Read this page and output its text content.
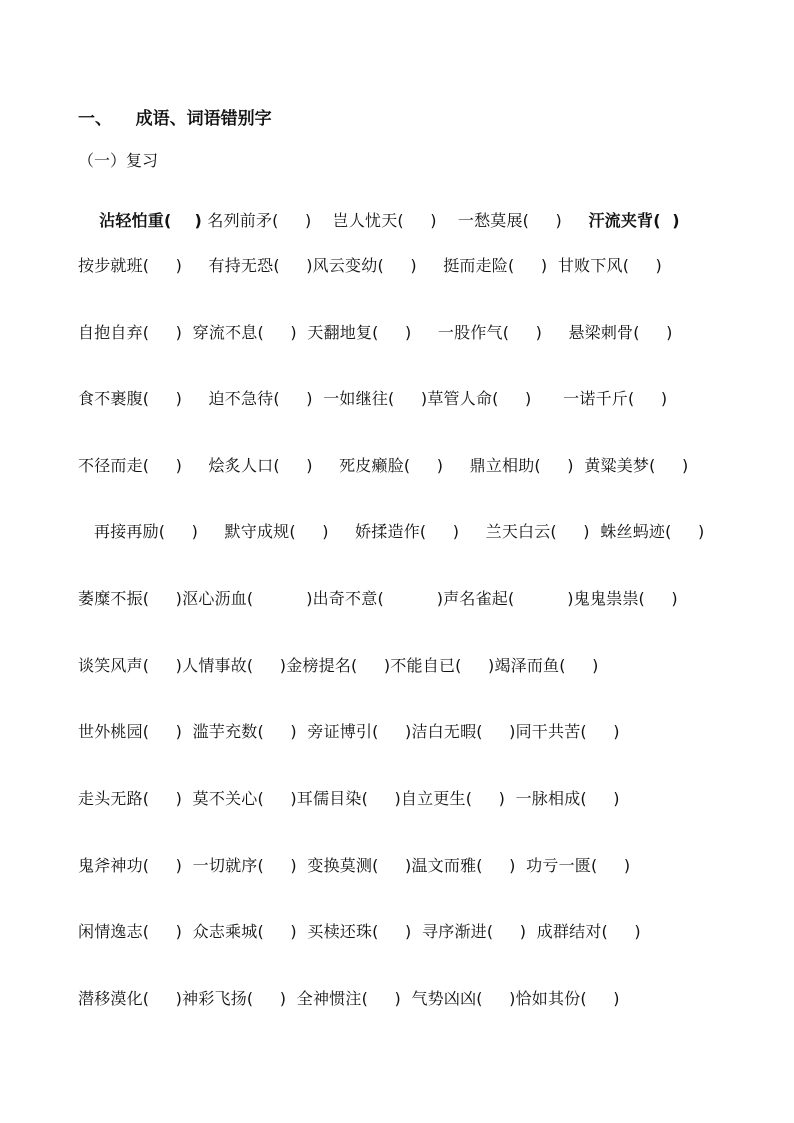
一、    成语、词语错别字
（一）复习

沾轻怕重(    ) 名列前矛(     )    岂人忧天(     )    一愁莫展(     )     汗流夹背(  )

按步就班(     )     有持无恐(     )风云变幼(     )     挺而走险(     )  甘败下风(     )
自抱自弃(     )  穿流不息(     )  天翻地复(     )     一股作气(     )     悬梁刺骨(     )
食不裹腹(     )     迫不急待(     )  一如继往(     )草管人命(     )      一诺千斤(     )
不径而走(     )     烩炙人口(     )     死皮癞脸(     )     鼎立相助(     )  黄粱美梦(     )
再接再励(     )     默守成规(     )     娇揉造作(     )     兰天白云(     )  蛛丝蚂迹(     )
萎糜不振(     )沤心沥血(          )出奇不意(          )声名雀起(          )鬼鬼祟祟(     )
谈笑风声(     )人情事故(     )金榜提名(     )不能自已(     )竭泽而鱼(     )
世外桃园(     )  滥芋充数(     )  旁证博引(     )洁白无暇(     )同干共苦(     )
走头无路(     )  莫不关心(     )耳儒目染(     )自立更生(     )  一脉相成(     )
鬼斧神功(     )  一切就序(     )  变换莫测(     )温文而雅(     )  功亏一匮(     )
闲情逸志(     )  众志乘城(     )  买椟还珠(     )  寻序渐进(     )  成群结对(     )
潜移漠化(     )神彩飞扬(     )  全神惯注(     )  气势凶凶(     )恰如其份(     )
